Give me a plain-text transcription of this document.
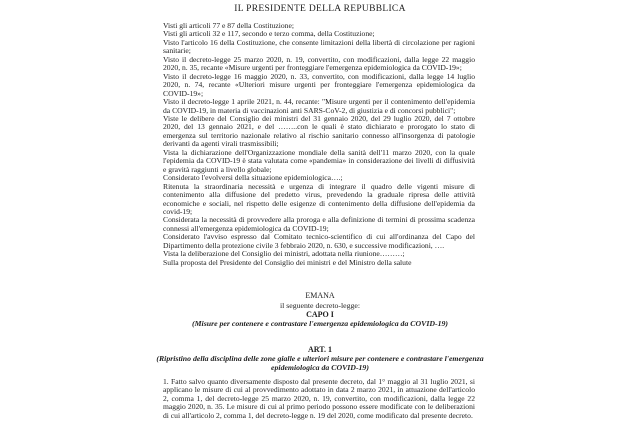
IL PRESIDENTE DELLA REPUBBLICA

Visti gli articoli 77 e 87 della Costituzione;

Visti gli articoli 32 e 117, secondo e terzo comma, della Costituzione;

Visto l'articolo 16 della Costituzione, che consente limitazioni della libertà di circolazione per ragioni sanitarie;

Visto il decreto-legge 25 marzo 2020, n. 19, convertito, con modificazioni, dalla legge 22 maggio 2020, n. 35, recante «Misure urgenti per fronteggiare l'emergenza epidemiologica da COVID-19»;

Visto il decreto-legge 16 maggio 2020, n. 33, convertito, con modificazioni, dalla legge 14 luglio 2020, n. 74, recante «Ulteriori misure urgenti per fronteggiare l'emergenza epidemiologica da COVID-19»;

Visto il decreto-legge 1 aprile 2021, n. 44, recante: "Misure urgenti per il contenimento dell'epidemia da COVID-19, in materia di vaccinazioni anti SARS-CoV-2, di giustizia e di concorsi pubblici";

Viste le delibere del Consiglio dei ministri del 31 gennaio 2020, del 29 luglio 2020, del 7 ottobre 2020, del 13 gennaio 2021, e del ……..con le quali è stato dichiarato e prorogato lo stato di emergenza sul territorio nazionale relativo al rischio sanitario connesso all'insorgenza di patologie derivanti da agenti virali trasmissibili;

Vista la dichiarazione dell'Organizzazione mondiale della sanità dell'11 marzo 2020, con la quale l'epidemia da COVID-19 è stata valutata come «pandemia» in considerazione dei livelli di diffusività e gravità raggiunti a livello globale;

Considerato l'evolversi della situazione epidemiologica….;

Ritenuta la straordinaria necessità e urgenza di integrare il quadro delle vigenti misure di contenimento alla diffusione del predetto virus, prevedendo la graduale ripresa delle attività economiche e sociali, nel rispetto delle esigenze di contenimento della diffusione dell'epidemia da covid-19;

Considerata la necessità di provvedere alla proroga e alla definizione di termini di prossima scadenza connessi all'emergenza epidemiologica da COVID-19;

Considerato l'avviso espresso dal Comitato tecnico-scientifico di cui all'ordinanza del Capo del Dipartimento della protezione civile 3 febbraio 2020, n. 630, e successive modificazioni, ….

Vista la deliberazione del Consiglio dei ministri, adottata nella riunione………;

Sulla proposta del Presidente del Consiglio dei ministri e del Ministro della salute

EMANA
il seguente decreto-legge:
CAPO I
(Misure per contenere e contrastare l'emergenza epidemiologica da COVID-19)
ART. 1
(Ripristino della disciplina delle zone gialle e ulteriori misure per contenere e contrastare l'emergenza epidemiologica da COVID-19)

1. Fatto salvo quanto diversamente disposto dal presente decreto, dal 1° maggio al 31 luglio 2021, si applicano le misure di cui al provvedimento adottato in data 2 marzo 2021, in attuazione dell'articolo 2, comma 1, del decreto-legge 25 marzo 2020, n. 19, convertito, con modificazioni, dalla legge 22 maggio 2020, n. 35. Le misure di cui al primo periodo possono essere modificate con le deliberazioni di cui all'articolo 2, comma 1, del decreto-legge n. 19 del 2020, come modificato dal presente decreto.
